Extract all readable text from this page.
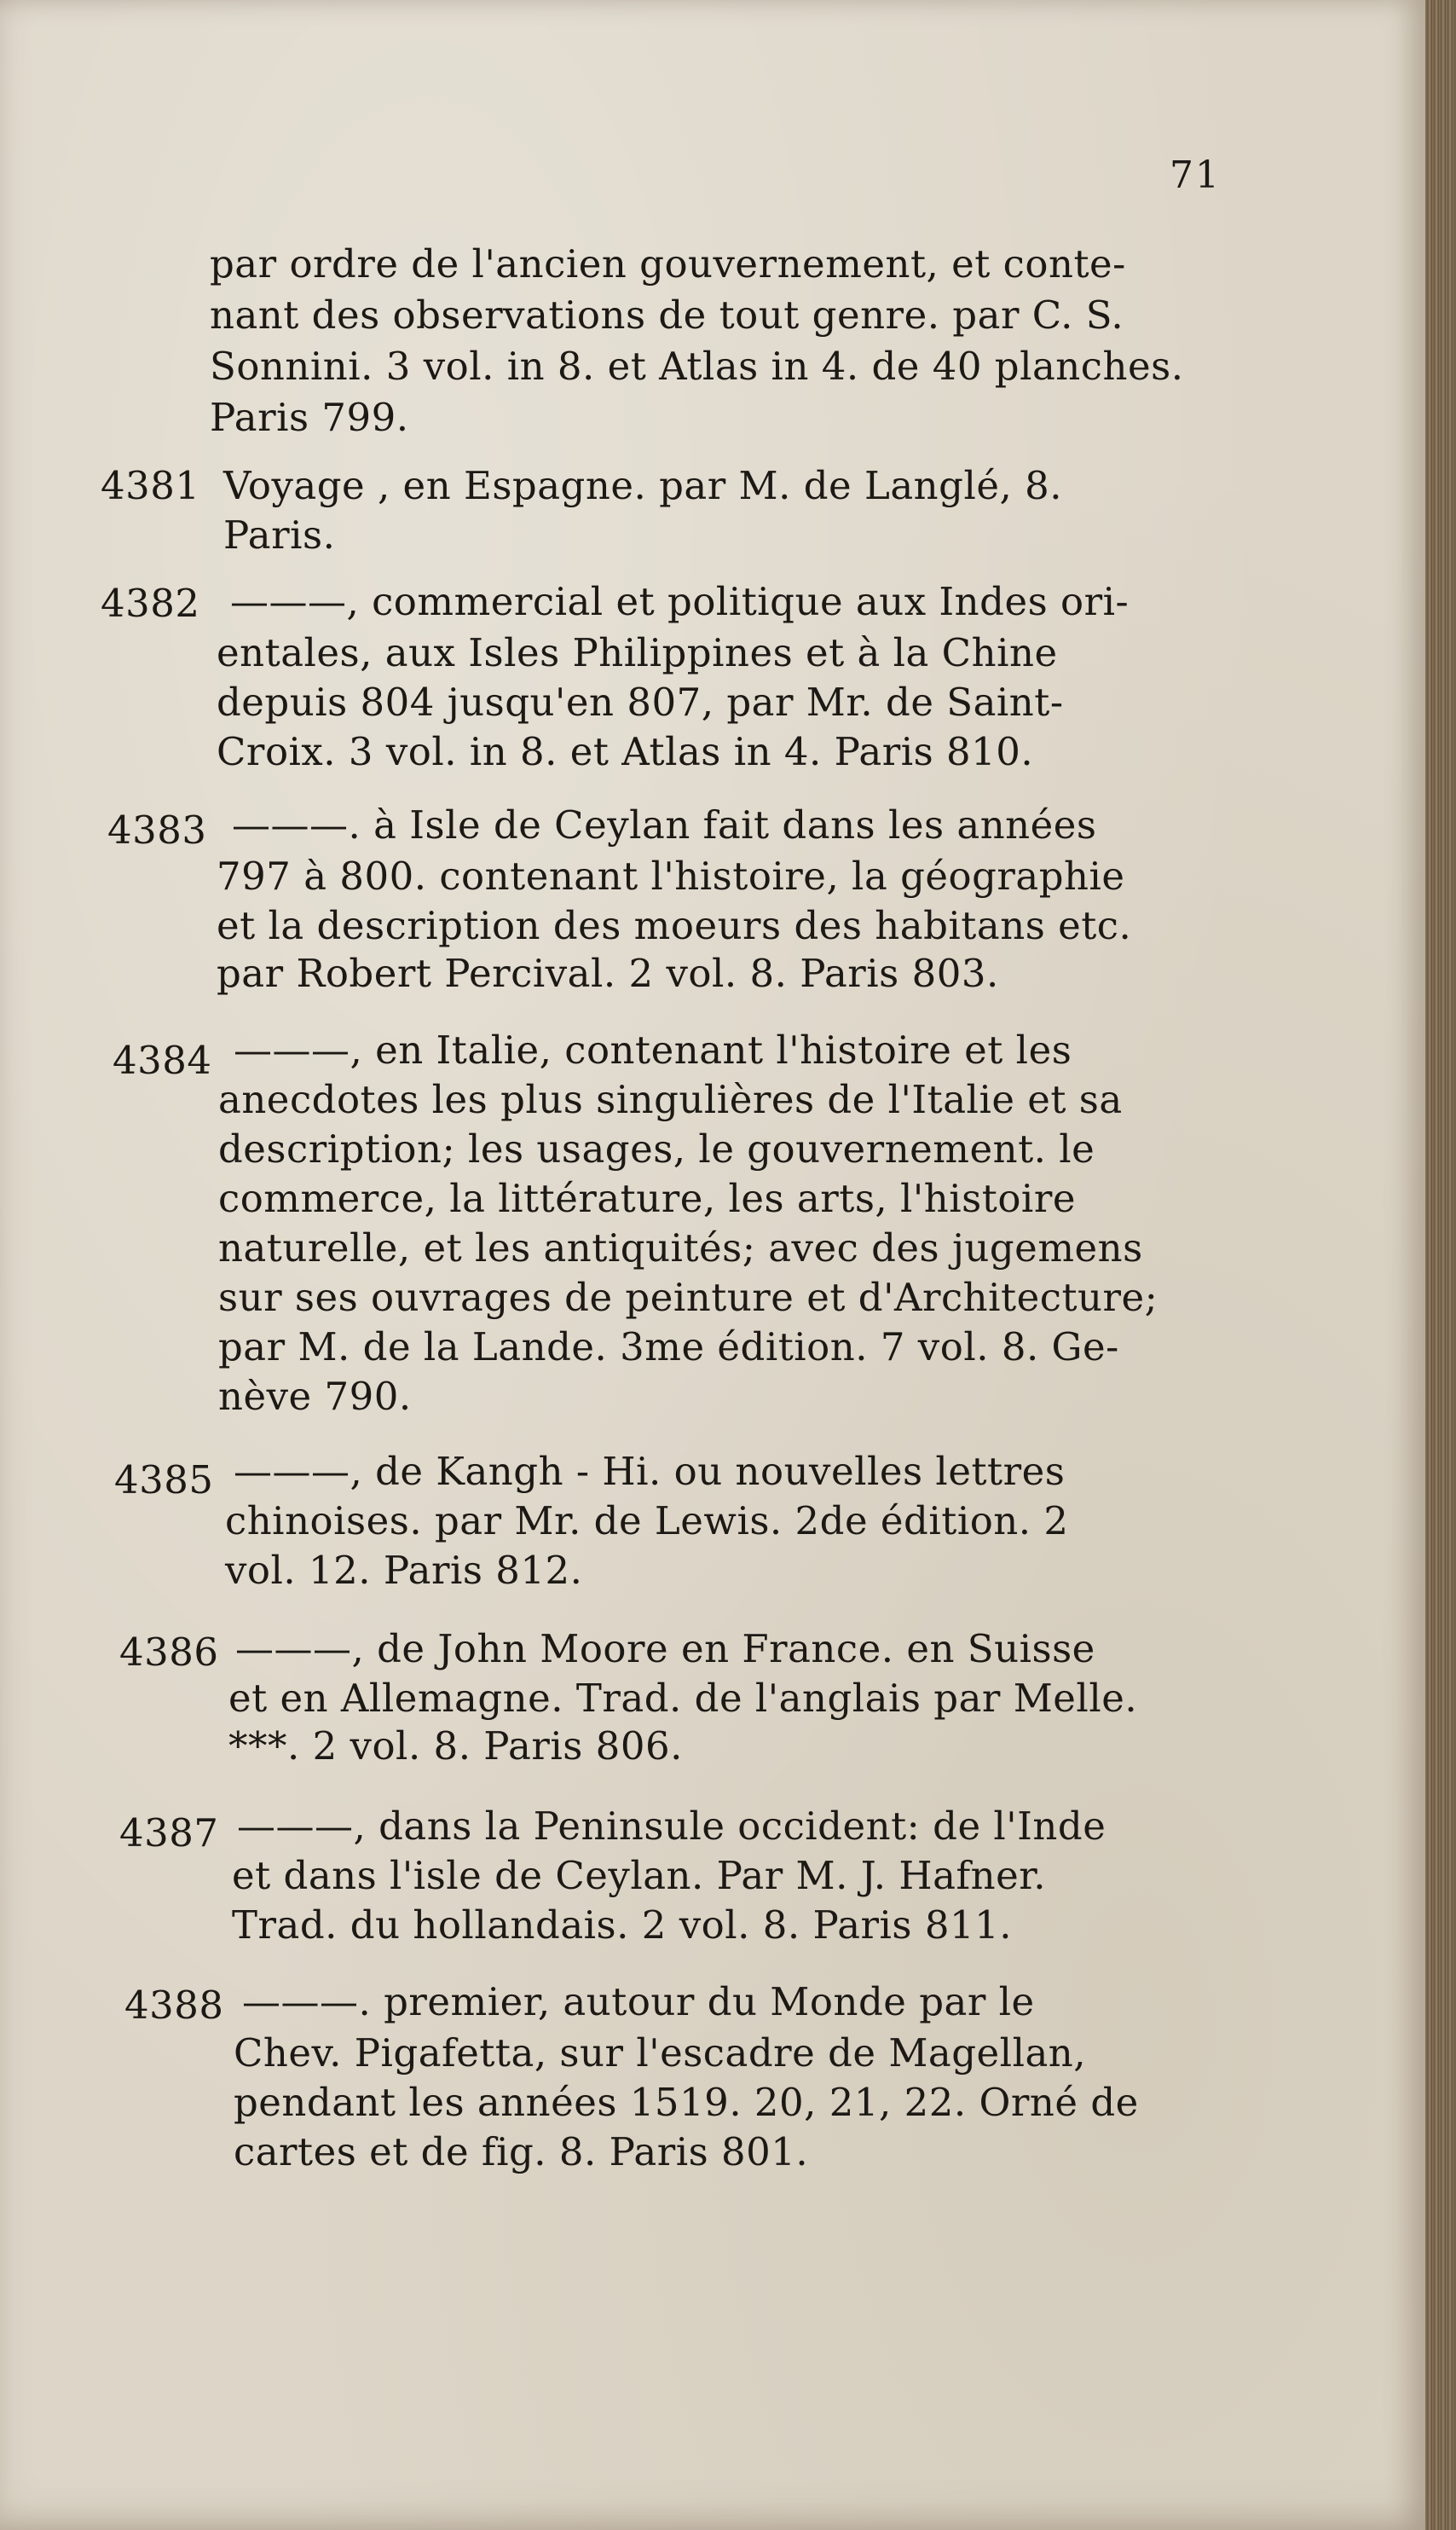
71
par ordre de l'ancien gouvernement, et conte-
nant des observations de tout genre. par C. S.
Sonnini. 3 vol. in 8. et Atlas in 4. de 40 planches.
Paris 799.
4381 Voyage , en Espagne. par M. de Langlé, 8.
Paris.
4382 ———, commercial et politique aux Indes ori-
entales, aux Isles Philippines et à la Chine
depuis 804 jusqu'en 807, par Mr. de Saint-
Croix. 3 vol. in 8. et Atlas in 4. Paris 810.
4383 ———. à Isle de Ceylan fait dans les années
797 à 800. contenant l'histoire, la géographie
et la description des moeurs des habitans etc.
par Robert Percival. 2 vol. 8. Paris 803.
4384 ———, en Italie, contenant l'histoire et les
anecdotes les plus singulières de l'Italie et sa
description; les usages, le gouvernement. le
commerce, la littérature, les arts, l'histoire
naturelle, et les antiquités; avec des jugemens
sur ses ouvrages de peinture et d'Architecture;
par M. de la Lande. 3me édition. 7 vol. 8. Ge-
nève 790.
4385 ———, de Kangh - Hi. ou nouvelles lettres
chinoises. par Mr. de Lewis. 2de édition. 2
vol. 12. Paris 812.
4386 ———, de John Moore en France. en Suisse
et en Allemagne. Trad. de l'anglais par Melle.
***. 2 vol. 8. Paris 806.
4387 ———, dans la Peninsule occident: de l'Inde
et dans l'isle de Ceylan. Par M. J. Hafner.
Trad. du hollandais. 2 vol. 8. Paris 811.
4388 ———. premier, autour du Monde par le
Chev. Pigafetta, sur l'escadre de Magellan,
pendant les années 1519. 20, 21, 22. Orné de
cartes et de fig. 8. Paris 801.
